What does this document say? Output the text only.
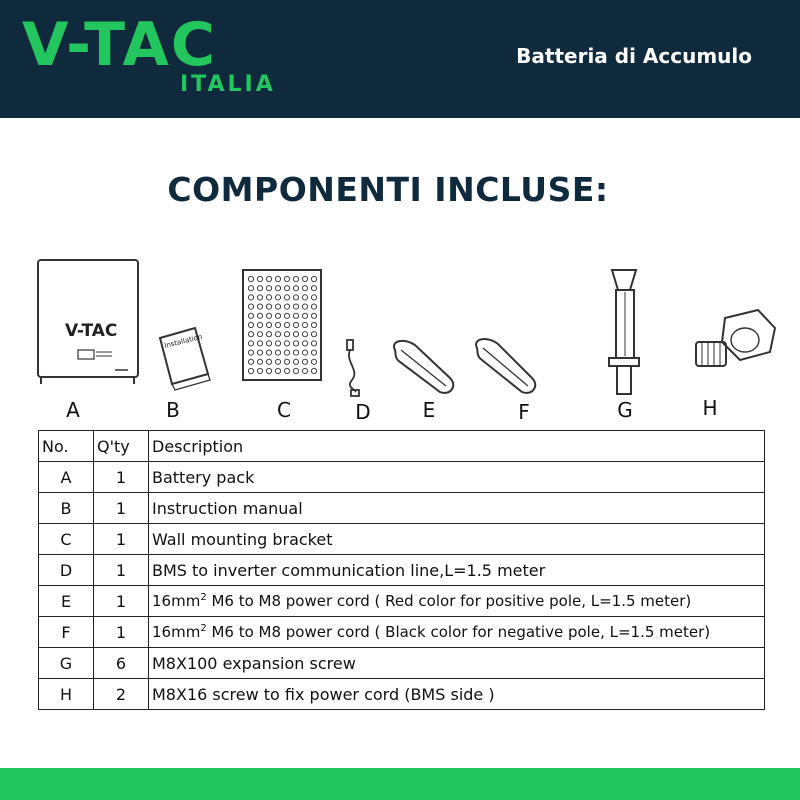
V-TAC
ITALIA
Batteria di Accumulo
COMPONENTI INCLUSE:
V-TAC
Installation
A	B	C	D	E	F	G	H
No.	Q'ty	Description
A	1	Battery pack
B	1	Instruction manual
C	1	Wall mounting bracket
D	1	BMS to inverter communication line,L=1.5 meter
E	1	$16mm^2$ M6 to M8 power cord ( Red color for positive pole, L=1.5 meter)
F	1	$16mm^2$ M6 to M8 power cord ( Black color for negative pole, L=1.5 meter)
G	6	M8X100 expansion screw
H	2	M8X16 screw to fix power cord (BMS side )
